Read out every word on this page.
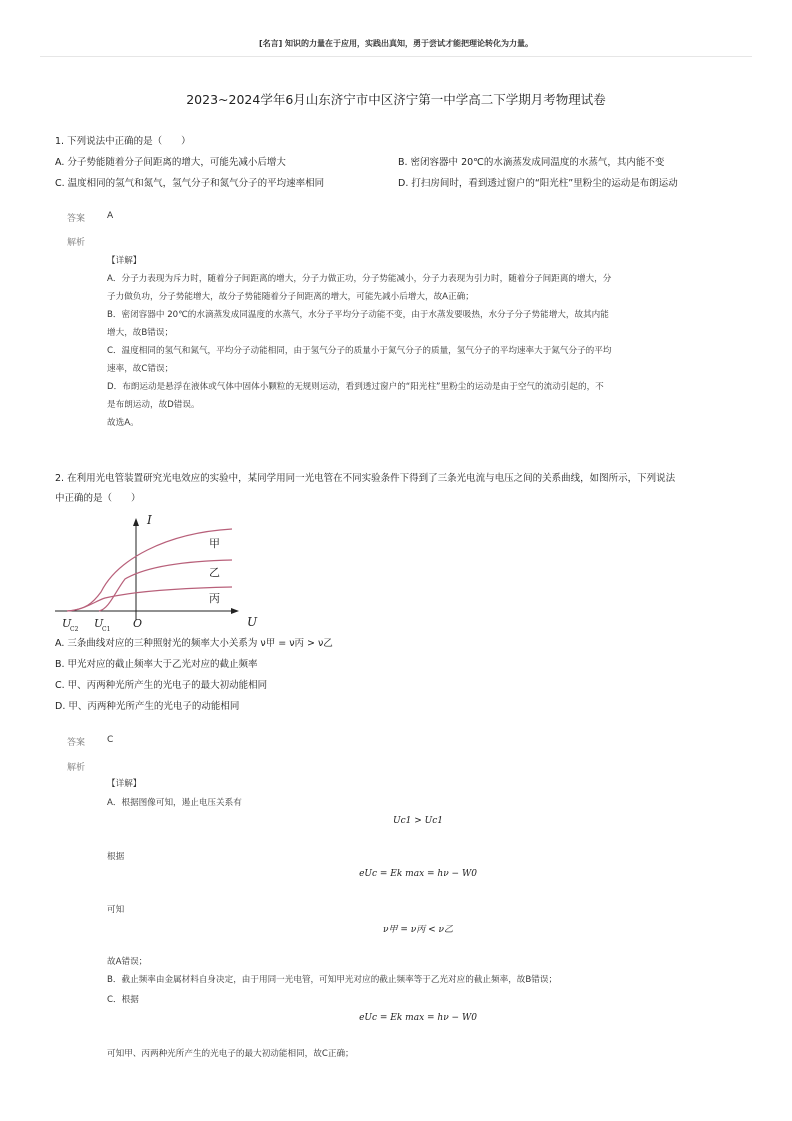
[名言] 知识的力量在于应用，实践出真知，勇于尝试才能把理论转化为力量。
2023~2024学年6月山东济宁市中区济宁第一中学高二下学期月考物理试卷
1. 下列说法中正确的是（　　）
A. 分子势能随着分子间距离的增大，可能先减小后增大	B. 密闭容器中 20℃的水滴蒸发成同温度的水蒸气，其内能不变
C. 温度相同的氢气和氮气，氢气分子和氮气分子的平均速率相同	D. 打扫房间时，看到透过窗户的“阳光柱”里粉尘的运动是布朗运动
答案 A
解析
【详解】
A．分子力表现为斥力时，随着分子间距离的增大，分子力做正功，分子势能减小，分子力表现为引力时，随着分子间距离的增大，分
子力做负功，分子势能增大，故分子势能随着分子间距离的增大，可能先减小后增大，故A正确；
B．密闭容器中 20℃的水滴蒸发成同温度的水蒸气，水分子平均分子动能不变，由于水蒸发要吸热，水分子分子势能增大，故其内能
增大，故B错误；
C．温度相同的氢气和氮气，平均分子动能相同，由于氢气分子的质量小于氮气分子的质量，氢气分子的平均速率大于氮气分子的平均
速率，故C错误；
D．布朗运动是悬浮在液体或气体中固体小颗粒的无规则运动，看到透过窗户的“阳光柱”里粉尘的运动是由于空气的流动引起的，不
是布朗运动，故D错误。
故选A。
2. 在利用光电管装置研究光电效应的实验中，某同学用同一光电管在不同实验条件下得到了三条光电流与电压之间的关系曲线，如图所示，下列说法
中正确的是（　　）
I
U
O
U
C2 U
C1
甲
乙
丙
A. 三条曲线对应的三种照射光的频率大小关系为 ν甲 = ν丙 > ν乙
B. 甲光对应的截止频率大于乙光对应的截止频率
C. 甲、丙两种光所产生的光电子的最大初动能相同
D. 甲、丙两种光所产生的光电子的动能相同
答案 C
解析
【详解】
A．根据图像可知，遏止电压关系有
Uc1 > Uc1
根据
eUc = Ek max = hν − W0
可知
ν甲 = ν丙 < ν乙
故A错误；
B．截止频率由金属材料自身决定，由于用同一光电管，可知甲光对应的截止频率等于乙光对应的截止频率，故B错误；
C．根据
eUc = Ek max = hν − W0
可知甲、丙两种光所产生的光电子的最大初动能相同，故C正确；
